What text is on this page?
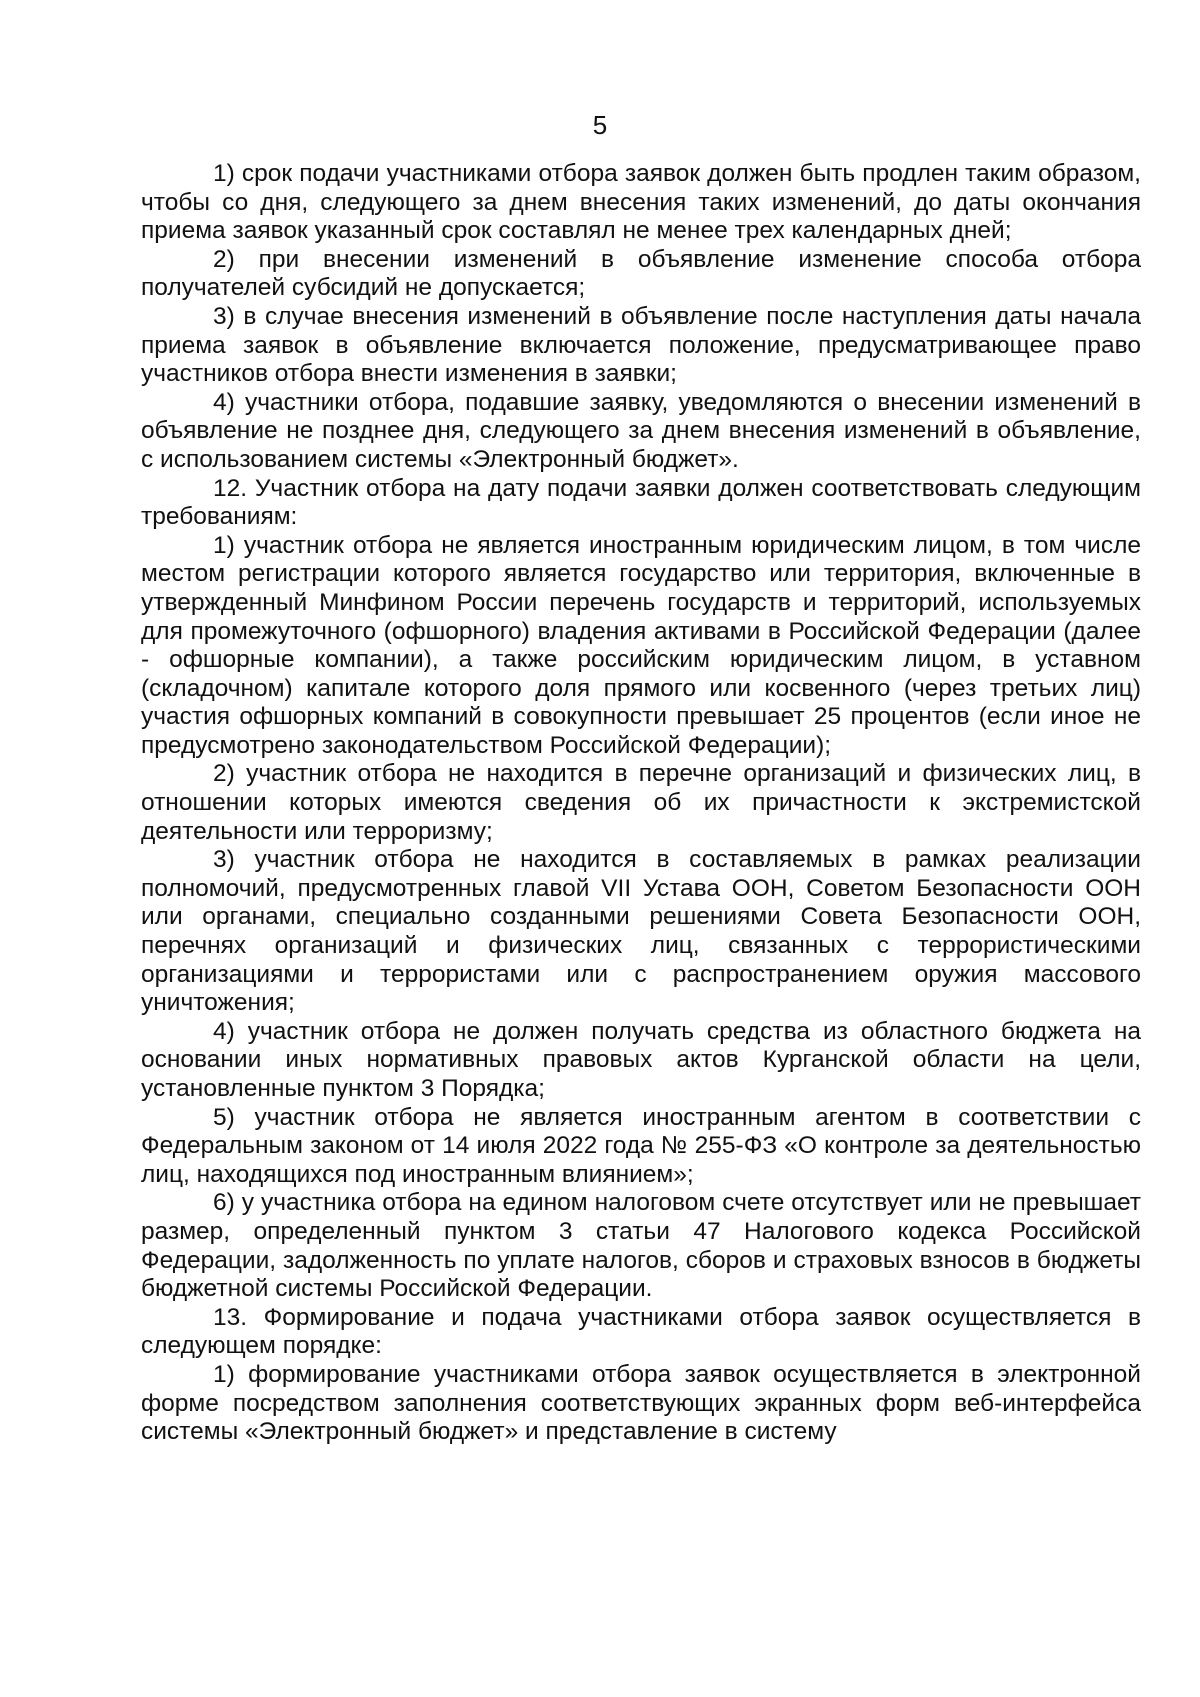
5

1) срок подачи участниками отбора заявок должен быть продлен таким образом, чтобы со дня, следующего за днем внесения таких изменений, до даты окончания приема заявок указанный срок составлял не менее трех календарных дней;

2) при внесении изменений в объявление изменение способа отбора получателей субсидий не допускается;

3) в случае внесения изменений в объявление после наступления даты начала приема заявок в объявление включается положение, предусматривающее право участников отбора внести изменения в заявки;

4) участники отбора, подавшие заявку, уведомляются о внесении изменений в объявление не позднее дня, следующего за днем внесения изменений в объявление, с использованием системы «Электронный бюджет».

12. Участник отбора на дату подачи заявки должен соответствовать следующим требованиям:

1) участник отбора не является иностранным юридическим лицом, в том числе местом регистрации которого является государство или территория, включенные в утвержденный Минфином России перечень государств и территорий, используемых для промежуточного (офшорного) владения активами в Российской Федерации (далее - офшорные компании), а также российским юридическим лицом, в уставном (складочном) капитале которого доля прямого или косвенного (через третьих лиц) участия офшорных компаний в совокупности превышает 25 процентов (если иное не предусмотрено законодательством Российской Федерации);

2) участник отбора не находится в перечне организаций и физических лиц, в отношении которых имеются сведения об их причастности к экстремистской деятельности или терроризму;

3) участник отбора не находится в составляемых в рамках реализации полномочий, предусмотренных главой VII Устава ООН, Советом Безопасности ООН или органами, специально созданными решениями Совета Безопасности ООН, перечнях организаций и физических лиц, связанных с террористическими организациями и террористами или с распространением оружия массового уничтожения;

4) участник отбора не должен получать средства из областного бюджета на основании иных нормативных правовых актов Курганской области на цели, установленные пунктом 3 Порядка;

5) участник отбора не является иностранным агентом в соответствии с Федеральным законом от 14 июля 2022 года № 255-ФЗ «О контроле за деятельностью лиц, находящихся под иностранным влиянием»;

6) у участника отбора на едином налоговом счете отсутствует или не превышает размер, определенный пунктом 3 статьи 47 Налогового кодекса Российской Федерации, задолженность по уплате налогов, сборов и страховых взносов в бюджеты бюджетной системы Российской Федерации.

13. Формирование и подача участниками отбора заявок осуществляется в следующем порядке:

1) формирование участниками отбора заявок осуществляется в электронной форме посредством заполнения соответствующих экранных форм веб-интерфейса системы «Электронный бюджет» и представление в систему
